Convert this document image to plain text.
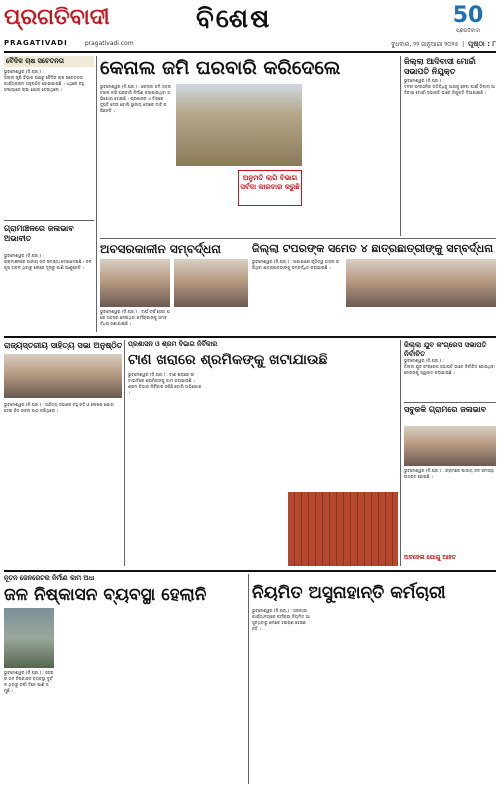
ପ୍ରଗତିବାଦୀ
PRAGATIVADI	pragativadi.com
ବିଶେଷ	50
ପ୍ରଗତିବାଦୀ
ବୁଧବାର, ୨୨ ଜାନୁଆରୀ ୨୦୨୫  |  ପୃଷ୍ଠା : ୮
ବୈଦିକ ଚାଷ ସଚେତନତା
ଭୁବନେଶ୍ୱର (ନି.ପ୍ର.) :
ଜିଲ୍ଲା କୃଷି ବିଭାଗ ପକ୍ଷରୁ ବୈଦିକ ଚାଷ ସଚେତନତା କାର୍ଯ୍ୟକ୍ରମ ଅନୁଷ୍ଠିତ ହୋଇଯାଇଛି । ଏଥିରେ ବହୁ ସଂଖ୍ୟାରେ ଚାଷୀ ଯୋଗ ଦେଇଥିଲେ ।
କେନାଲ ଜମି ଘରବାରି କରିଦେଲେ
ଭୁବନେଶ୍ୱର (ନି.ପ୍ର.) : କେନାଲ ଜମି ଜବରଦଖଲ କରି ଘରବାରି ନିର୍ମାଣ କରାଯାଇଥିବା ଅଭିଯୋଗ ହୋଇଛି । ପ୍ରଶାସନ ଏ ଦିଗରେ ଦୃଷ୍ଟି ଦେଉ ବୋଲି ସ୍ଥାନୀୟ ଲୋକେ ଦାବି କରିଛନ୍ତି ।
ଅନୁମତି ଲାଗି ବିଭାଗ ସର୍ବଦା କାରବାର କରୁଛି
ଜିଲ୍ଲା ଆଦିବାସୀ ମୋର୍ଚ୍ଚା ସଭାପତି ନିଯୁକ୍ତ
ଭୁବନେଶ୍ୱର (ନି.ପ୍ର.) :
ଦଳର ସାଂଗଠନିକ ଗତିବିଧିକୁ ଆଗକୁ ନେବା ପାଇଁ ଜିଲ୍ଲା ଆଦିବାସୀ ମୋର୍ଚ୍ଚା ସଭାପତି ଭାବେ ନିଯୁକ୍ତି ଦିଆଯାଇଛି ।
ଗ୍ରାମାଞ୍ଚଳରେ ଜଳାଭାବ ଅଭାବୀତ
ଭୁବନେଶ୍ୱର (ନି.ପ୍ର.) :
ଗ୍ରାମାଞ୍ଚଳରେ ପାନୀୟ ଜଳ ସମସ୍ୟା ଦେଖାଦେଇଛି । ନଳକୂପ ଅଚଳ ଥିବାରୁ ଲୋକେ ଦୂରରୁ ପାଣି ଆଣୁଛନ୍ତି ।
ଅବସରକାଳୀନ ସମ୍ବର୍ଦ୍ଧନା
ଭୁବନେଶ୍ୱର (ନି.ପ୍ର.) : ଦୀର୍ଘ ବର୍ଷ ସେବା ପରେ ଅବସର ନେଇଥିବା କର୍ମଚାରୀଙ୍କୁ ସମ୍ବର୍ଦ୍ଧନା ଜଣାଯାଇଛି ।
ଜିଲ୍ଲା ଟପରଙ୍କ ସମେତ ୪ ଛାତ୍ରଛାତ୍ରୀଙ୍କୁ ସମ୍ବର୍ଦ୍ଧନା
ଭୁବନେଶ୍ୱର (ନି.ପ୍ର.) : ପରୀକ୍ଷାରେ କୃତିତ୍ୱ ହାସଲ କରିଥିବା ଛାତ୍ରଛାତ୍ରୀଙ୍କୁ ସମ୍ବର୍ଦ୍ଧିତ କରାଯାଇଛି ।
ରାଜ୍ୟସ୍ତରୀୟ ସାହିତ୍ୟ ସଭା ଅନୁଷ୍ଠିତ
ଭୁବନେଶ୍ୱର (ନି.ପ୍ର.) : ସାହିତ୍ୟ ସଭାରେ ବହୁ କବି ଓ ଲେଖକ ଯୋଗ ଦେଇ ନିଜ ରଚନା ପାଠ କରିଥିଲେ ।
ପ୍ରଶାସନ ଓ ଶ୍ରମ ବିଭାଗ ନିର୍ବିକାର
ଟାଣ ଖରାରେ ଶ୍ରମିକଙ୍କୁ ଖଟାଯାଉଛି
ଭୁବନେଶ୍ୱର (ନି.ପ୍ର.) : ଟାଣ ଖରାରେ ଇଟାଭାଟିରେ ଶ୍ରମିକଙ୍କୁ କାମ କରାଯାଉଛି । ଶ୍ରମ ବିଭାଗ ନିର୍ବିକାର ରହିଛି ବୋଲି ଅଭିଯୋଗ ।
ଜିଲ୍ଲା ଯୁବ କଂଗ୍ରେସ ସଭାପତି ନିର୍ବାଚିତ
ଭୁବନେଶ୍ୱର (ନି.ପ୍ର.) :
ଜିଲ୍ଲା ଯୁବ କଂଗ୍ରେସ ସଭାପତି ଭାବେ ନିର୍ବାଚିତ ହୋଇଥିବା ନେତାଙ୍କୁ ସ୍ୱାଗତ କରାଯାଇଛି ।
ସବୁଜକି ଗ୍ରାମରେ ଜଳାଭାବ
ଭୁବନେଶ୍ୱର (ନି.ପ୍ର.) : ଗ୍ରାମରେ ପାନୀୟ ଜଳ ସମସ୍ୟା ଉତ୍କଟ ହୋଇଛି ।
ଅବହେଳା ଯୋଗୁ ଆହତ
ନୂତନ ଜେନରେଟର ନିର୍ମାଣ କାମ ଅଧା
ଜଳ ନିଷ୍କାସନ ବ୍ୟବସ୍ଥା ହେଲାନି
ଭୁବନେଶ୍ୱର (ନି.ପ୍ର.) : ସହରର ଜଳ ନିଷ୍କାସନ ବ୍ୟବସ୍ଥା ଦୁର୍ବଳ ଥିବାରୁ ବର୍ଷା ଦିନେ ପାଣି ଜମୁଛି ।
ନିୟମିତ ଅସୁନାହାନ୍ତି କର୍ମଚାରୀ
ଭୁବନେଶ୍ୱର (ନି.ପ୍ର.) : ସରକାରୀ କାର୍ଯ୍ୟାଳୟରେ କର୍ମଚାରୀ ନିୟମିତ ଆସୁନଥିବାରୁ ଲୋକେ ହଇରାଣ ହେଉଛନ୍ତି ।
